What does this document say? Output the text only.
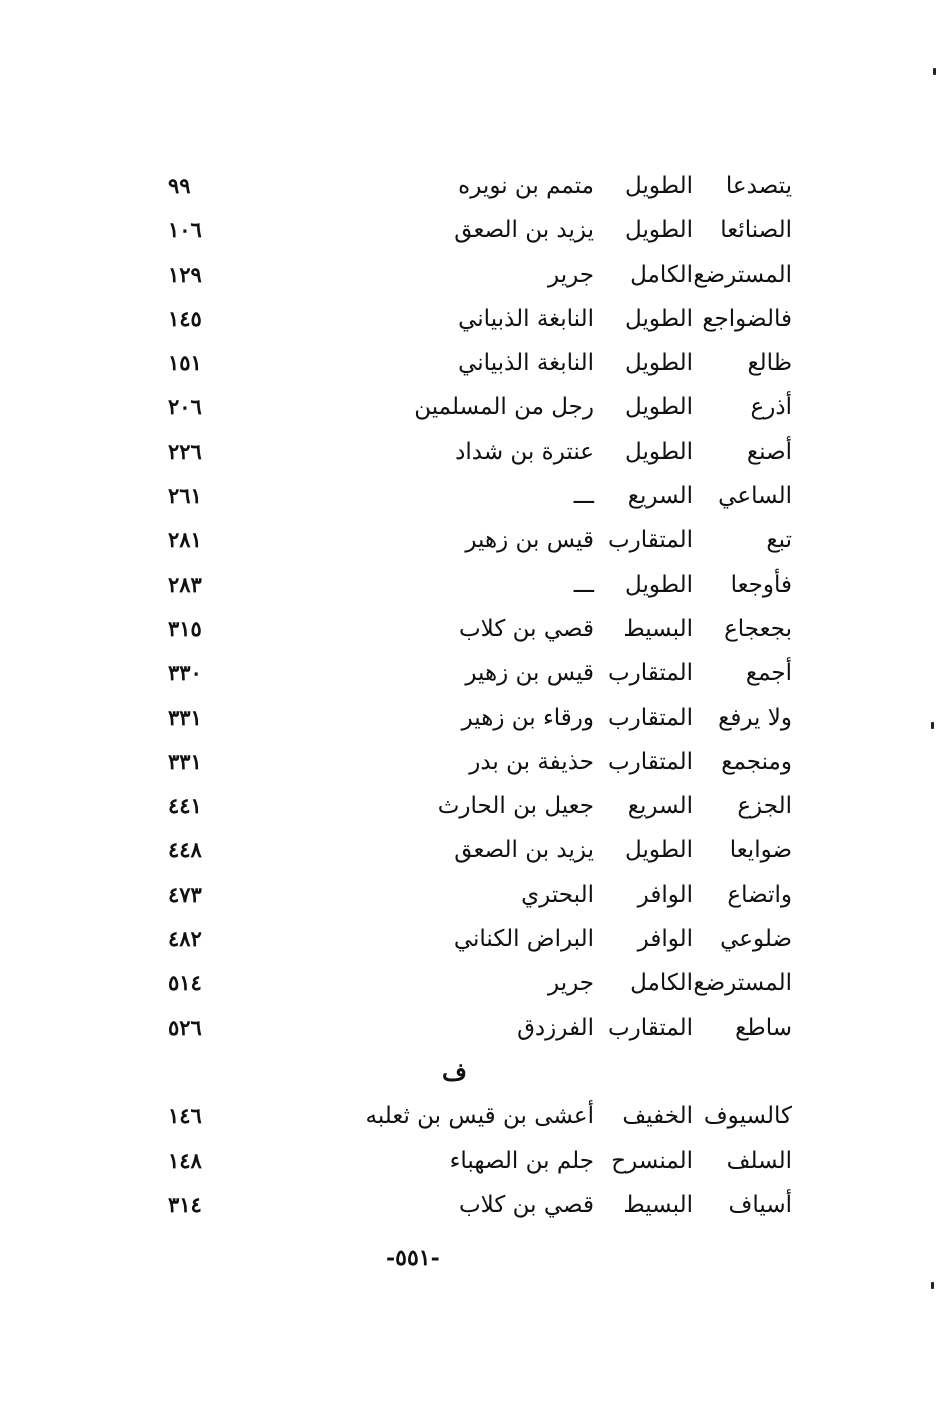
يتصدعا
الطويل
متمم بن نويره
٩٩
الصنائعا
الطويل
يزيد بن الصعق
١٠٦
المسترضع
الكامل
جرير
١٢٩
فالضواجع
الطويل
النابغة الذبياني
١٤٥
ظالع
الطويل
النابغة الذبياني
١٥١
أذرع
الطويل
رجل من المسلمين
٢٠٦
أصنع
الطويل
عنترة بن شداد
٢٢٦
الساعي
السريع
ـــ
٢٦١
تبع
المتقارب
قيس بن زهير
٢٨١
فأوجعا
الطويل
ـــ
٢٨٣
بجعجاع
البسيط
قصي بن كلاب
٣١٥
أجمع
المتقارب
قيس بن زهير
٣٣٠
ولا يرفع
المتقارب
ورقاء بن زهير
٣٣١
ومنجمع
المتقارب
حذيفة بن بدر
٣٣١
الجزع
السريع
جعيل بن الحارث
٤٤١
ضوايعا
الطويل
يزيد بن الصعق
٤٤٨
واتضاع
الوافر
البحتري
٤٧٣
ضلوعي
الوافر
البراض الكناني
٤٨٢
المسترضع
الكامل
جرير
٥١٤
ساطع
المتقارب
الفرزدق
٥٢٦
ف
كالسيوف
الخفيف
أعشى بن قيس بن ثعلبه
١٤٦
السلف
المنسرح
جلم بن الصهباء
١٤٨
أسياف
البسيط
قصي بن كلاب
٣١٤
-٥٥١-
